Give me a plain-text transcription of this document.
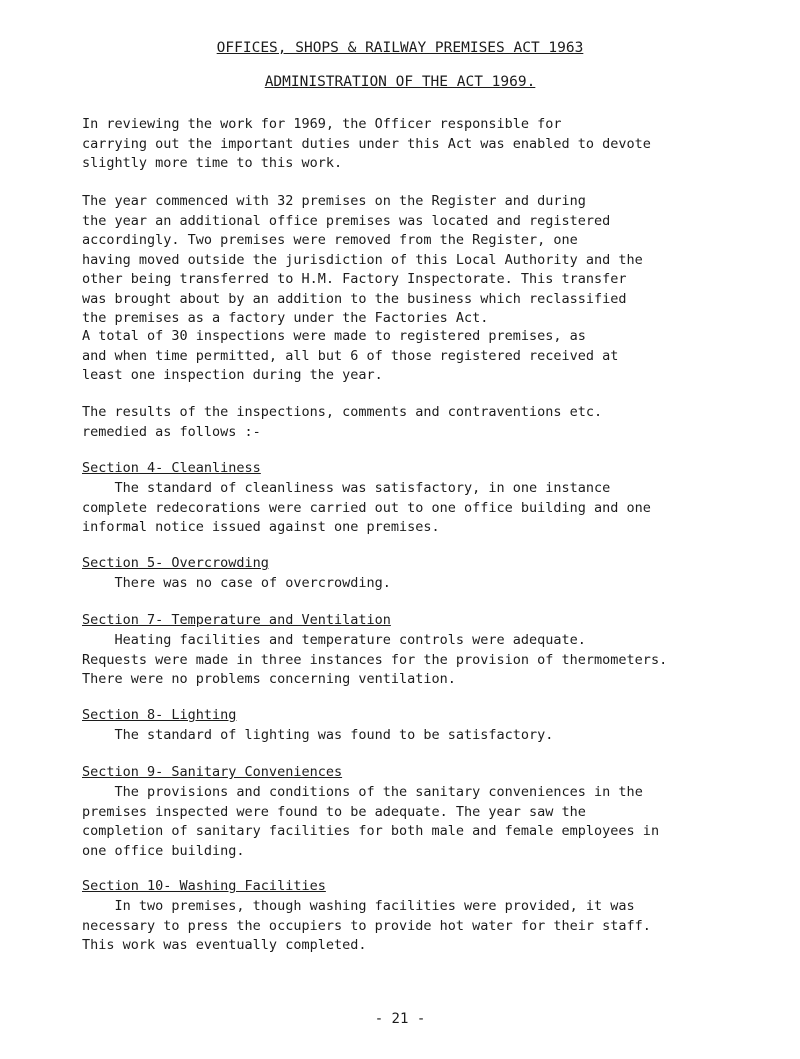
OFFICES, SHOPS & RAILWAY PREMISES ACT 1963
ADMINISTRATION OF THE ACT 1969.

In reviewing the work for 1969, the Officer responsible for
carrying out the important duties under this Act was enabled to devote
slightly more time to this work.

The year commenced with 32 premises on the Register and during
the year an additional office premises was located and registered
accordingly. Two premises were removed from the Register, one
having moved outside the jurisdiction of this Local Authority and the
other being transferred to H.M. Factory Inspectorate. This transfer
was brought about by an addition to the business which reclassified
the premises as a factory under the Factories Act.

A total of 30 inspections were made to registered premises, as
and when time permitted, all but 6 of those registered received at
least one inspection during the year.

The results of the inspections, comments and contraventions etc.
remedied as follows :-

Section 4- Cleanliness

The standard of cleanliness was satisfactory, in one instance
complete redecorations were carried out to one office building and one
informal notice issued against one premises.

Section 5- Overcrowding

There was no case of overcrowding.

Section 7- Temperature and Ventilation

Heating facilities and temperature controls were adequate.
Requests were made in three instances for the provision of thermometers.
There were no problems concerning ventilation.

Section 8- Lighting

The standard of lighting was found to be satisfactory.

Section 9- Sanitary Conveniences

The provisions and conditions of the sanitary conveniences in the
premises inspected were found to be adequate. The year saw the
completion of sanitary facilities for both male and female employees in
one office building.

Section 10- Washing Facilities

In two premises, though washing facilities were provided, it was
necessary to press the occupiers to provide hot water for their staff.
This work was eventually completed.

- 21 -
